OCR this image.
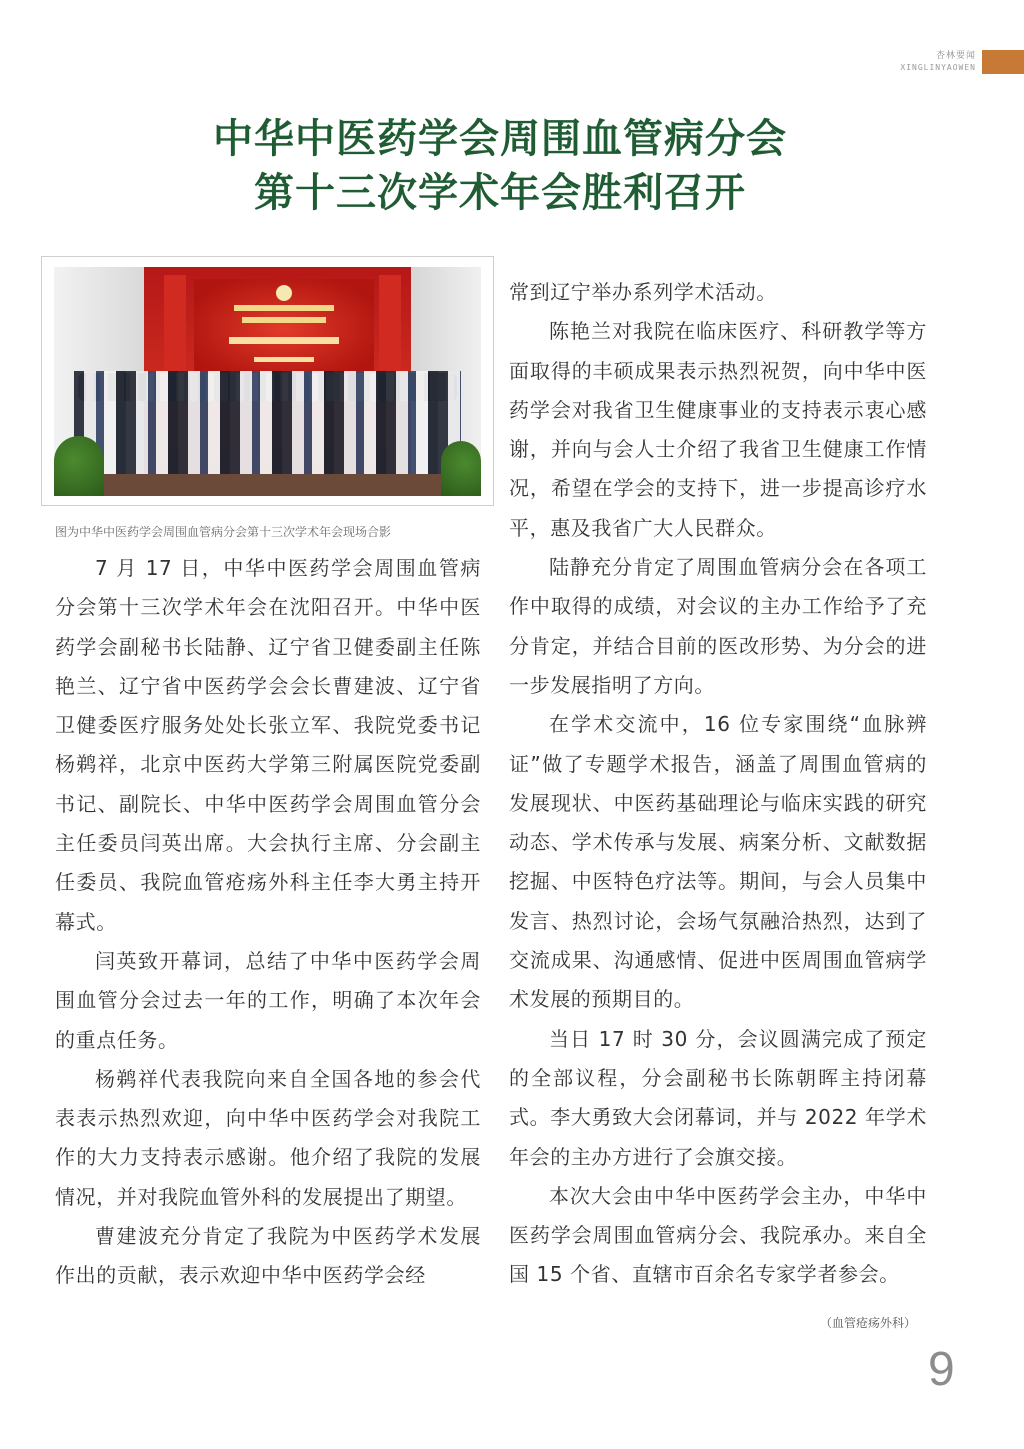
杏林要闻
XINGLINYAOWEN
中华中医药学会周围血管病分会
第十三次学术年会胜利召开
图为中华中医药学会周围血管病分会第十三次学术年会现场合影

7 月 17 日，中华中医药学会周围血管病分会第十三次学术年会在沈阳召开。中华中医药学会副秘书长陆静、辽宁省卫健委副主任陈艳兰、辽宁省中医药学会会长曹建波、辽宁省卫健委医疗服务处处长张立军、我院党委书记杨鹈祥，北京中医药大学第三附属医院党委副书记、副院长、中华中医药学会周围血管分会主任委员闫英出席。大会执行主席、分会副主任委员、我院血管疮疡外科主任李大勇主持开幕式。

闫英致开幕词，总结了中华中医药学会周围血管分会过去一年的工作，明确了本次年会的重点任务。

杨鹈祥代表我院向来自全国各地的参会代表表示热烈欢迎，向中华中医药学会对我院工作的大力支持表示感谢。他介绍了我院的发展情况，并对我院血管外科的发展提出了期望。

曹建波充分肯定了我院为中医药学术发展作出的贡献，表示欢迎中华中医药学会经

常到辽宁举办系列学术活动。

陈艳兰对我院在临床医疗、科研教学等方面取得的丰硕成果表示热烈祝贺，向中华中医药学会对我省卫生健康事业的支持表示衷心感谢，并向与会人士介绍了我省卫生健康工作情况，希望在学会的支持下，进一步提高诊疗水平，惠及我省广大人民群众。

陆静充分肯定了周围血管病分会在各项工作中取得的成绩，对会议的主办工作给予了充分肯定，并结合目前的医改形势、为分会的进一步发展指明了方向。

在学术交流中，16 位专家围绕“血脉辨证”做了专题学术报告，涵盖了周围血管病的发展现状、中医药基础理论与临床实践的研究动态、学术传承与发展、病案分析、文献数据挖掘、中医特色疗法等。期间，与会人员集中发言、热烈讨论，会场气氛融洽热烈，达到了交流成果、沟通感情、促进中医周围血管病学术发展的预期目的。

当日 17 时 30 分，会议圆满完成了预定的全部议程，分会副秘书长陈朝晖主持闭幕式。李大勇致大会闭幕词，并与 2022 年学术年会的主办方进行了会旗交接。

本次大会由中华中医药学会主办，中华中医药学会周围血管病分会、我院承办。来自全国 15 个省、直辖市百余名专家学者参会。

（血管疮疡外科）
9
